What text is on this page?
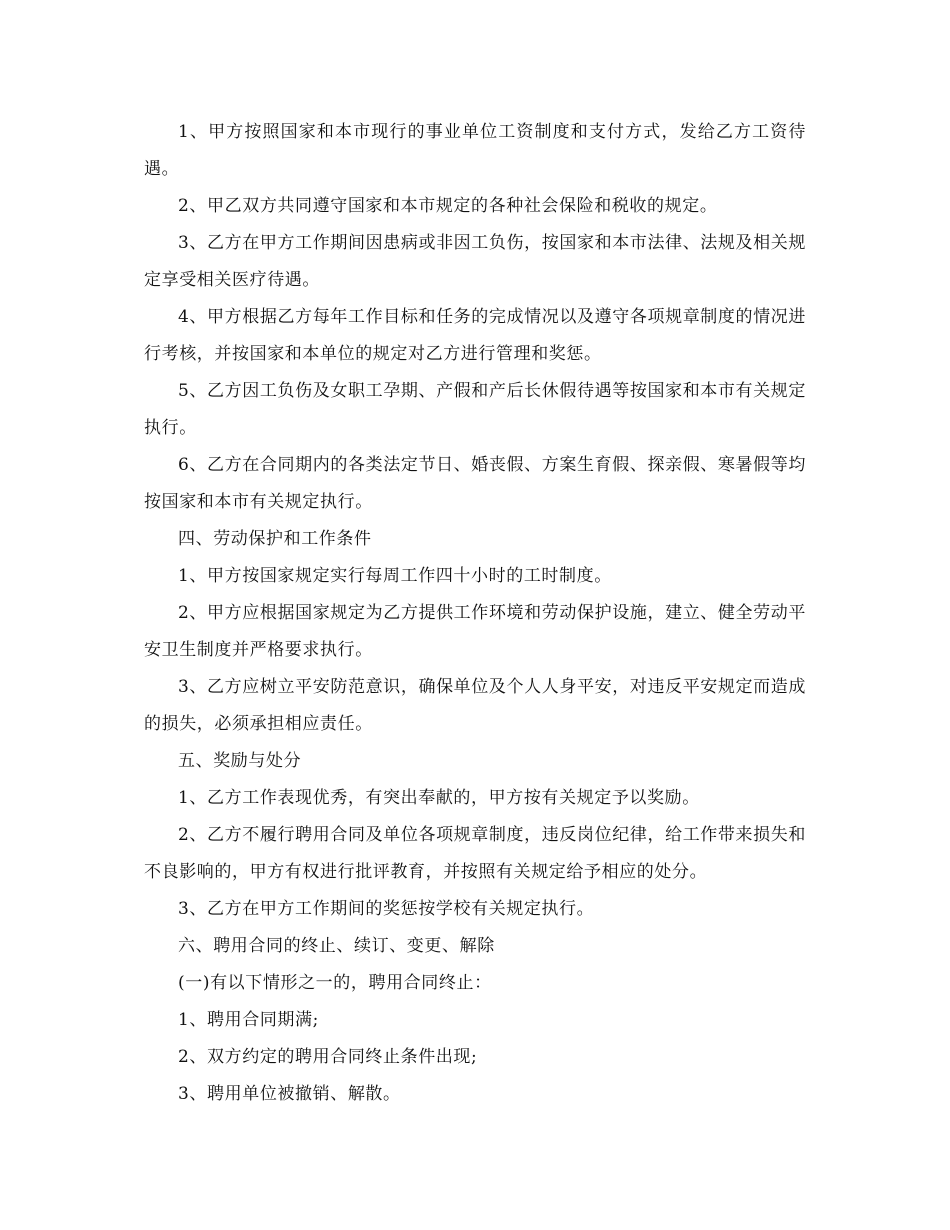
1、甲方按照国家和本市现行的事业单位工资制度和支付方式，发给乙方工资待遇。

2、甲乙双方共同遵守国家和本市规定的各种社会保险和税收的规定。

3、乙方在甲方工作期间因患病或非因工负伤，按国家和本市法律、法规及相关规定享受相关医疗待遇。

4、甲方根据乙方每年工作目标和任务的完成情况以及遵守各项规章制度的情况进行考核，并按国家和本单位的规定对乙方进行管理和奖惩。

5、乙方因工负伤及女职工孕期、产假和产后长休假待遇等按国家和本市有关规定执行。

6、乙方在合同期内的各类法定节日、婚丧假、方案生育假、探亲假、寒暑假等均按国家和本市有关规定执行。

四、劳动保护和工作条件

1、甲方按国家规定实行每周工作四十小时的工时制度。

2、甲方应根据国家规定为乙方提供工作环境和劳动保护设施，建立、健全劳动平安卫生制度并严格要求执行。

3、乙方应树立平安防范意识，确保单位及个人人身平安，对违反平安规定而造成的损失，必须承担相应责任。

五、奖励与处分

1、乙方工作表现优秀，有突出奉献的，甲方按有关规定予以奖励。

2、乙方不履行聘用合同及单位各项规章制度，违反岗位纪律，给工作带来损失和不良影响的，甲方有权进行批评教育，并按照有关规定给予相应的处分。

3、乙方在甲方工作期间的奖惩按学校有关规定执行。

六、聘用合同的终止、续订、变更、解除

(一)有以下情形之一的，聘用合同终止：

1、聘用合同期满;

2、双方约定的聘用合同终止条件出现;

3、聘用单位被撤销、解散。
